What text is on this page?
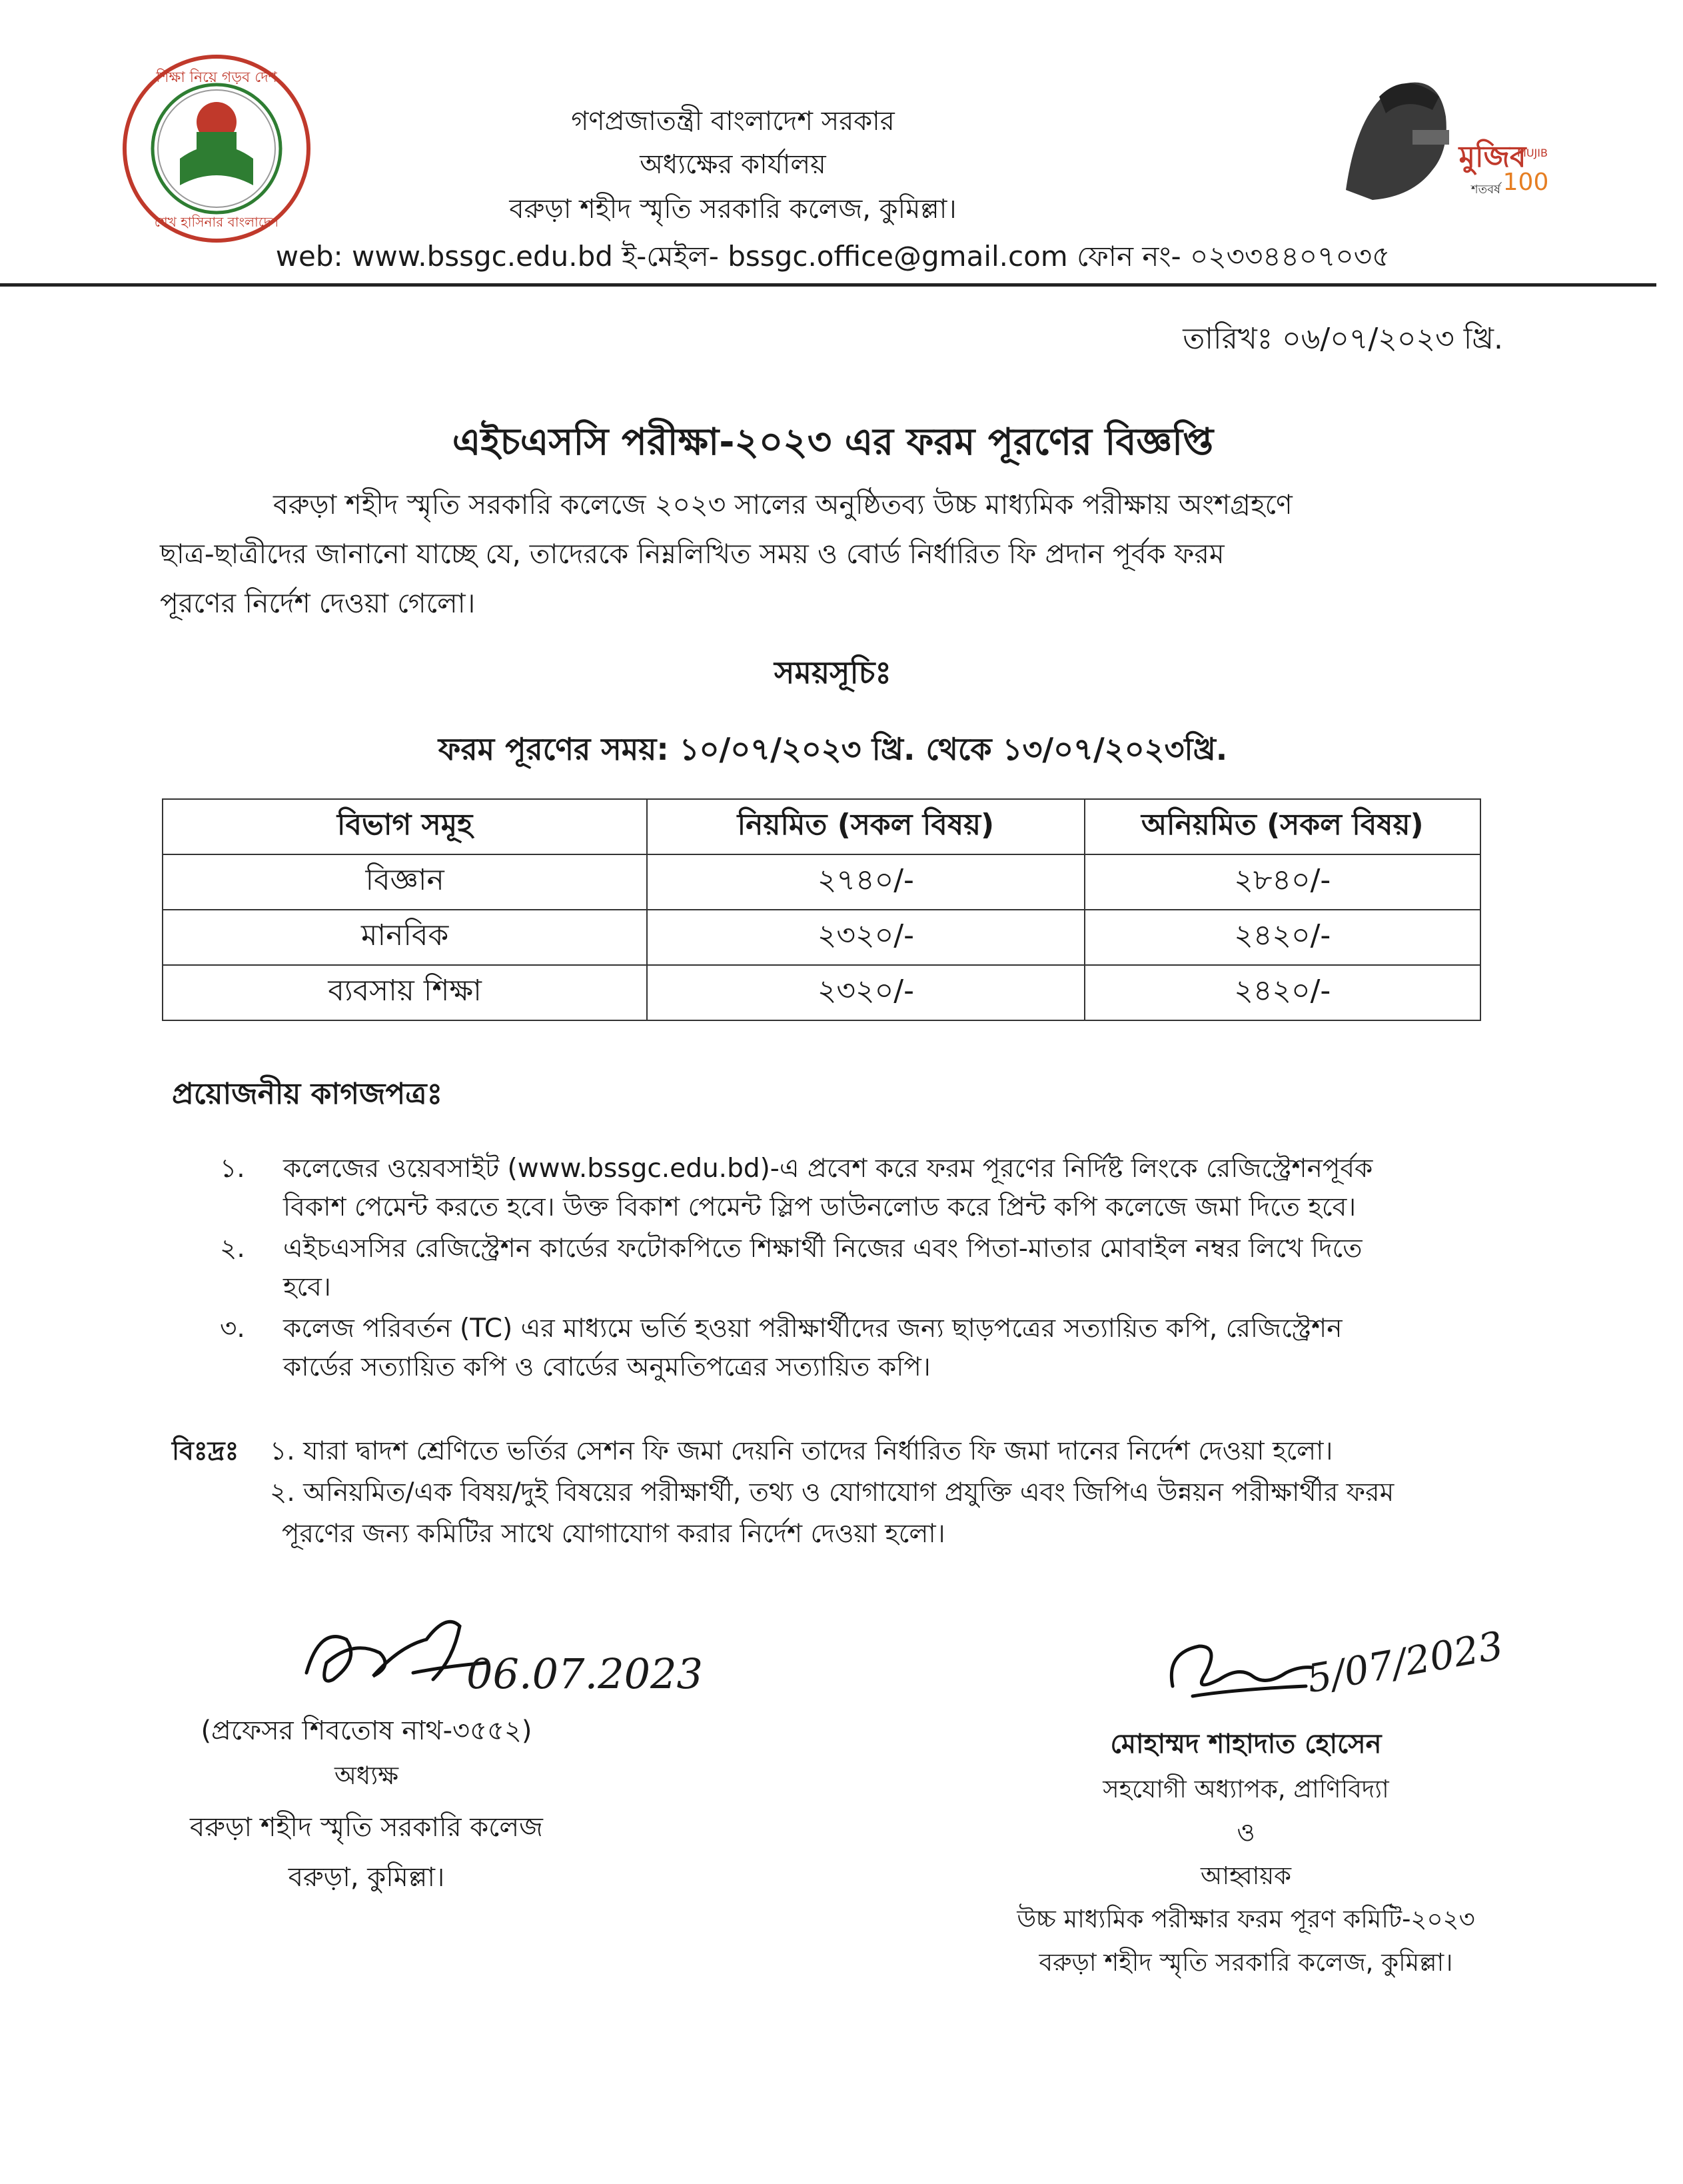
শিক্ষা নিয়ে গড়ব দেশ
শেখ হাসিনার বাংলাদেশ
মুজিব
MUJIB
100
শতবর্ষ
গণপ্রজাতন্ত্রী বাংলাদেশ সরকার
অধ্যক্ষের কার্যালয়
বরুড়া শহীদ স্মৃতি সরকারি কলেজ, কুমিল্লা।
web: www.bssgc.edu.bd ই-মেইল- bssgc.office@gmail.com ফোন নং- ০২৩৩৪৪০৭০৩৫
তারিখঃ ০৬/০৭/২০২৩ খ্রি.
এইচএসসি পরীক্ষা-২০২৩ এর ফরম পূরণের বিজ্ঞপ্তি
বরুড়া শহীদ স্মৃতি সরকারি কলেজে ২০২৩ সালের অনুষ্ঠিতব্য উচ্চ মাধ্যমিক পরীক্ষায় অংশগ্রহণে
ছাত্র-ছাত্রীদের জানানো যাচ্ছে যে, তাদেরকে নিম্নলিখিত সময় ও বোর্ড নির্ধারিত ফি প্রদান পূর্বক ফরম
পূরণের নির্দেশ দেওয়া গেলো।
সময়সূচিঃ
ফরম পূরণের সময়: ১০/০৭/২০২৩ খ্রি. থেকে ১৩/০৭/২০২৩খ্রি.
বিভাগ সমূহ	নিয়মিত (সকল বিষয়)	অনিয়মিত (সকল বিষয়)
বিজ্ঞান	২৭৪০/-	২৮৪০/-
মানবিক	২৩২০/-	২৪২০/-
ব্যবসায় শিক্ষা	২৩২০/-	২৪২০/-
প্রয়োজনীয় কাগজপত্রঃ
১.	কলেজের ওয়েবসাইট (www.bssgc.edu.bd)-এ প্রবেশ করে ফরম পূরণের নির্দিষ্ট লিংকে রেজিস্ট্রেশনপূর্বক
বিকাশ পেমেন্ট করতে হবে। উক্ত বিকাশ পেমেন্ট স্লিপ ডাউনলোড করে প্রিন্ট কপি কলেজে জমা দিতে হবে।
২.	এইচএসসির রেজিস্ট্রেশন কার্ডের ফটোকপিতে শিক্ষার্থী নিজের এবং পিতা-মাতার মোবাইল নম্বর লিখে দিতে
হবে।
৩.	কলেজ পরিবর্তন (TC) এর মাধ্যমে ভর্তি হওয়া পরীক্ষার্থীদের জন্য ছাড়পত্রের সত্যায়িত কপি, রেজিস্ট্রেশন
কার্ডের সত্যায়িত কপি ও বোর্ডের অনুমতিপত্রের সত্যায়িত কপি।
বিঃদ্রঃ ১. যারা দ্বাদশ শ্রেণিতে ভর্তির সেশন ফি জমা দেয়নি তাদের নির্ধারিত ফি জমা দানের নির্দেশ দেওয়া হলো।
২. অনিয়মিত/এক বিষয়/দুই বিষয়ের পরীক্ষার্থী, তথ্য ও যোগাযোগ প্রযুক্তি এবং জিপিএ উন্নয়ন পরীক্ষার্থীর ফরম
পূরণের জন্য কমিটির সাথে যোগাযোগ করার নির্দেশ দেওয়া হলো।
06.07.2023
(প্রফেসর শিবতোষ নাথ-৩৫৫২)
অধ্যক্ষ
বরুড়া শহীদ স্মৃতি সরকারি কলেজ
বরুড়া, কুমিল্লা।
5/07/2023
মোহাম্মদ শাহাদাত হোসেন
সহযোগী অধ্যাপক, প্রাণিবিদ্যা
ও
আহ্বায়ক
উচ্চ মাধ্যমিক পরীক্ষার ফরম পূরণ কমিটি-২০২৩
বরুড়া শহীদ স্মৃতি সরকারি কলেজ, কুমিল্লা।
